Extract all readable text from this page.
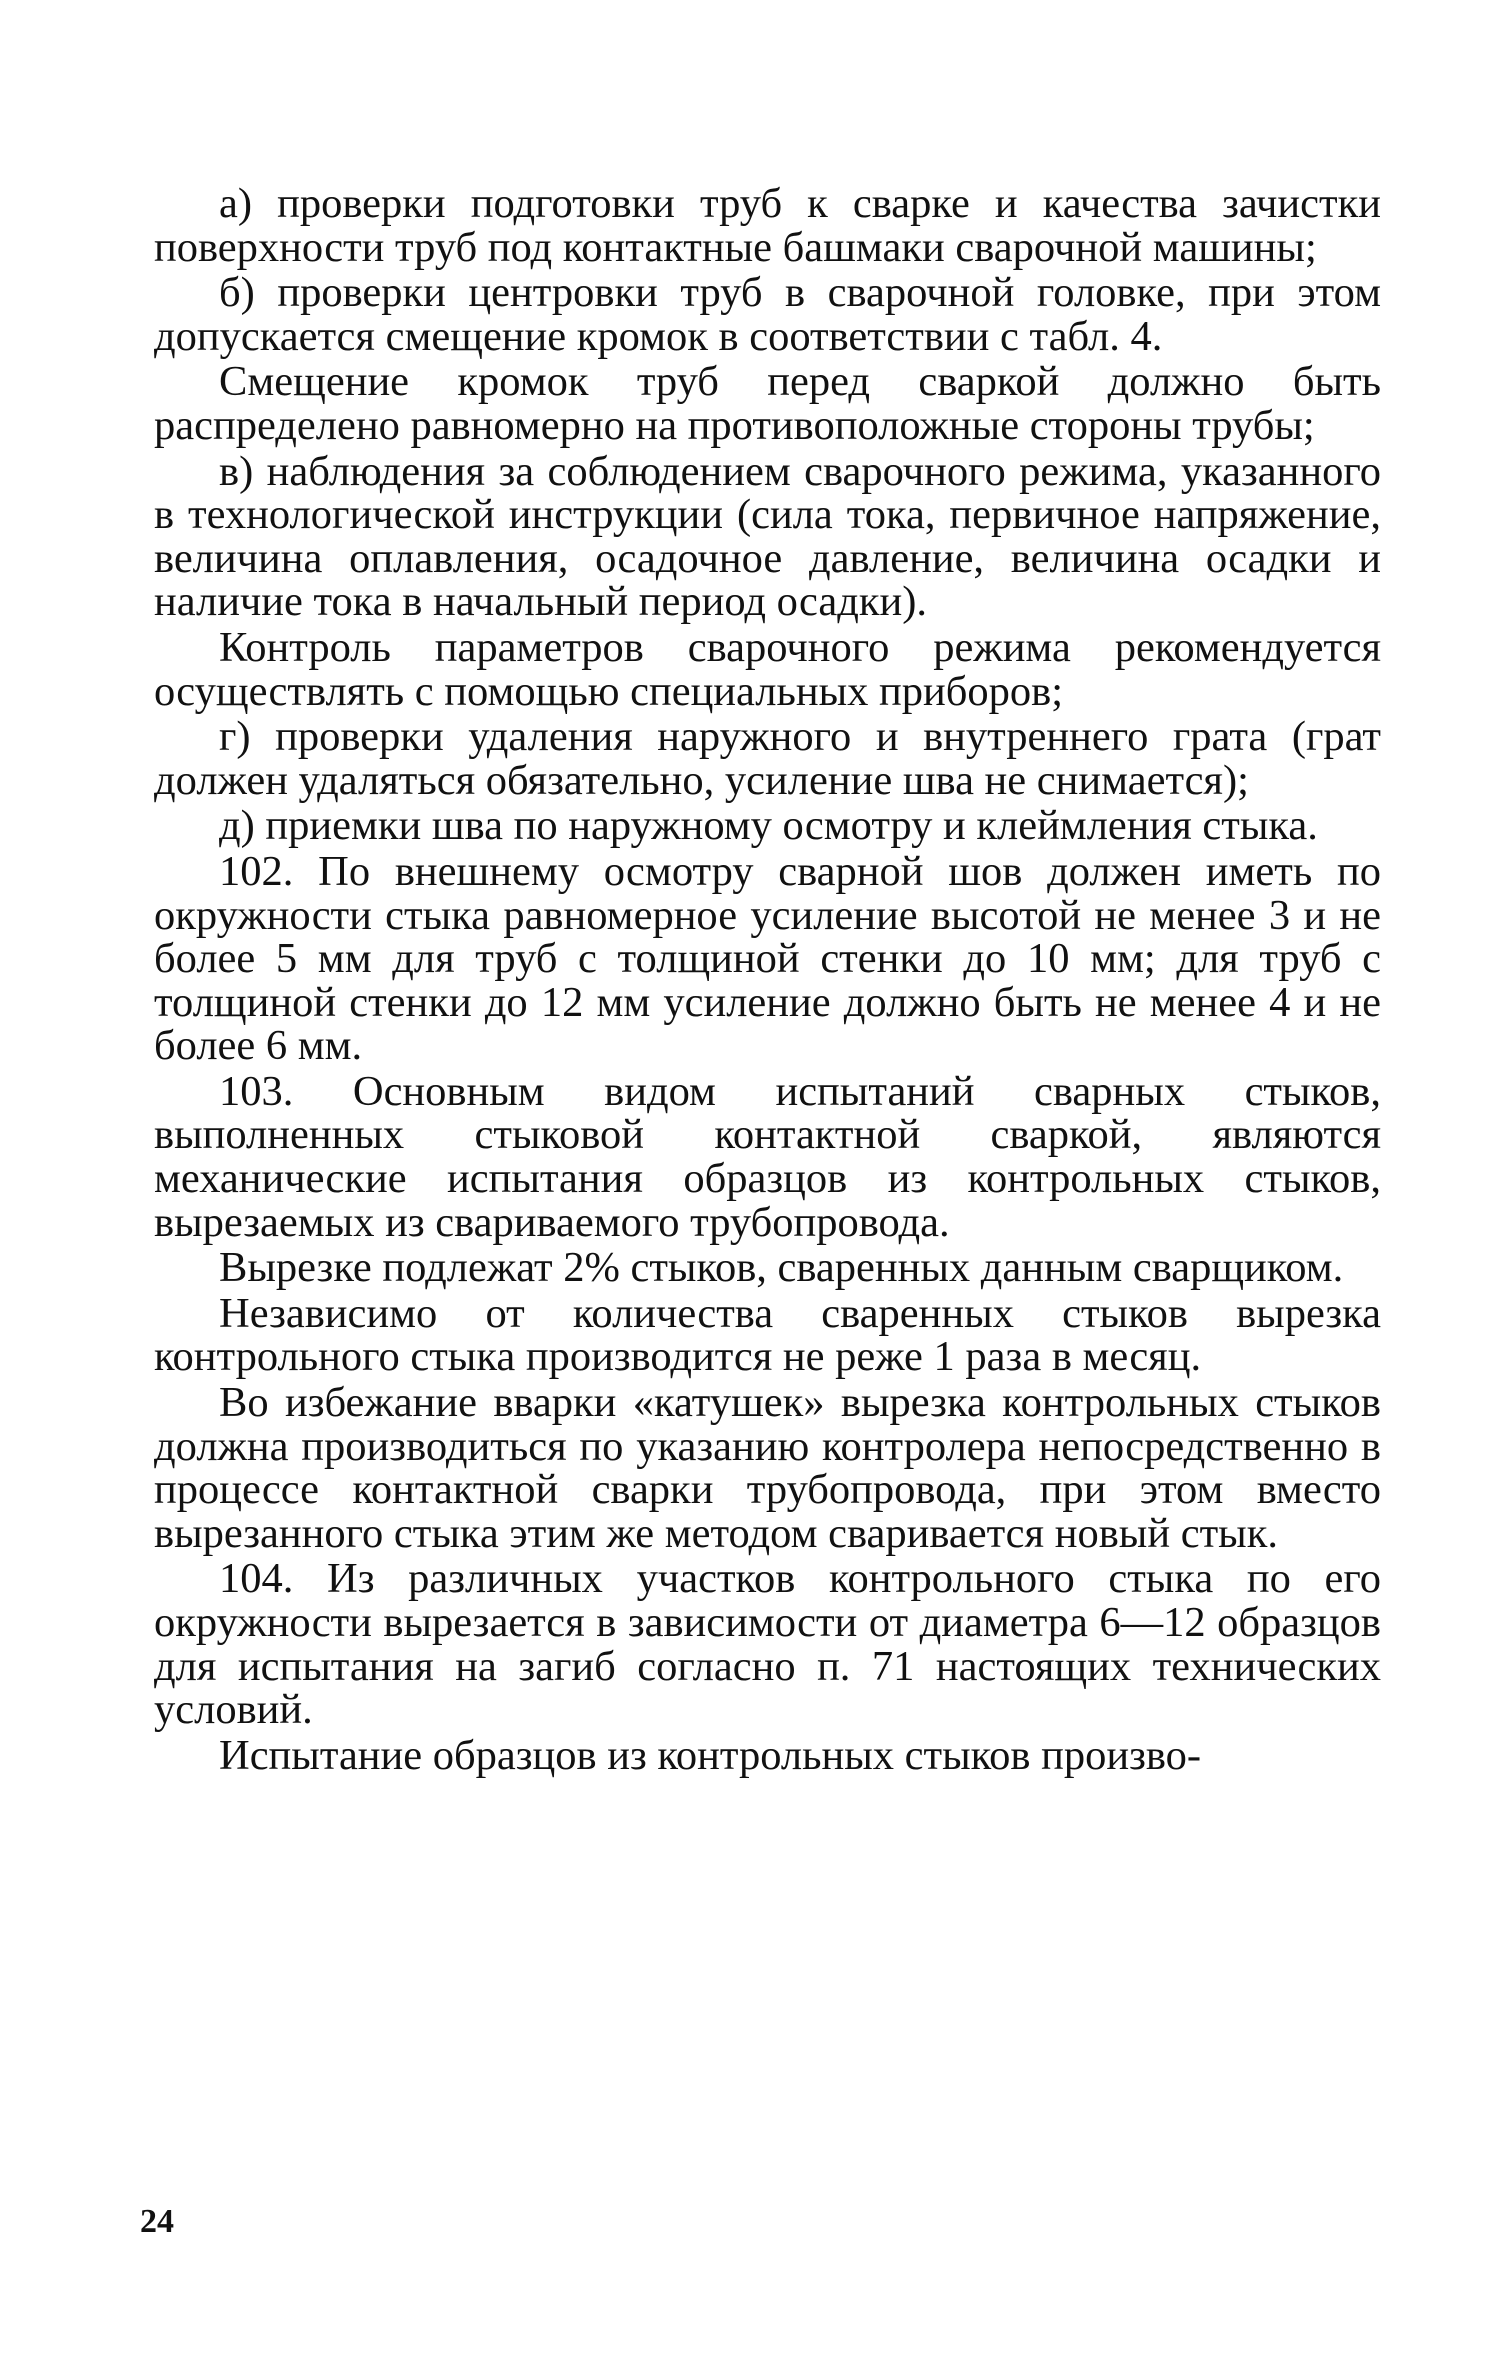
а) проверки подготовки труб к сварке и качества зачистки поверхности труб под контактные башмаки сварочной машины;

б) проверки центровки труб в сварочной головке, при этом допускается смещение кромок в соответствии с табл. 4.

Смещение кромок труб перед сваркой должно быть распределено равномерно на противоположные стороны трубы;

в) наблюдения за соблюдением сварочного режима, указанного в технологической инструкции (сила тока, первичное напряжение, величина оплавления, осадочное давление, величина осадки и наличие тока в начальный период осадки).

Контроль параметров сварочного режима рекомендуется осуществлять с помощью специальных приборов;

г) проверки удаления наружного и внутреннего грата (грат должен удаляться обязательно, усиление шва не снимается);

д) приемки шва по наружному осмотру и клеймления стыка.

102. По внешнему осмотру сварной шов должен иметь по окружности стыка равномерное усиление высотой не менее 3 и не более 5 мм для труб с толщиной стенки до 10 мм; для труб с толщиной стенки до 12 мм усиление должно быть не менее 4 и не более 6 мм.

103. Основным видом испытаний сварных стыков, выполненных стыковой контактной сваркой, являются механические испытания образцов из контрольных стыков, вырезаемых из свариваемого трубопровода.

Вырезке подлежат 2% стыков, сваренных данным сварщиком.

Независимо от количества сваренных стыков вырезка контрольного стыка производится не реже 1 раза в месяц.

Во избежание вварки «катушек» вырезка контрольных стыков должна производиться по указанию контролера непосредственно в процессе контактной сварки трубопровода, при этом вместо вырезанного стыка этим же методом сваривается новый стык.

104. Из различных участков контрольного стыка по его окружности вырезается в зависимости от диаметра 6—12 образцов для испытания на загиб согласно п. 71 настоящих технических условий.

Испытание образцов из контрольных стыков произво-

24
